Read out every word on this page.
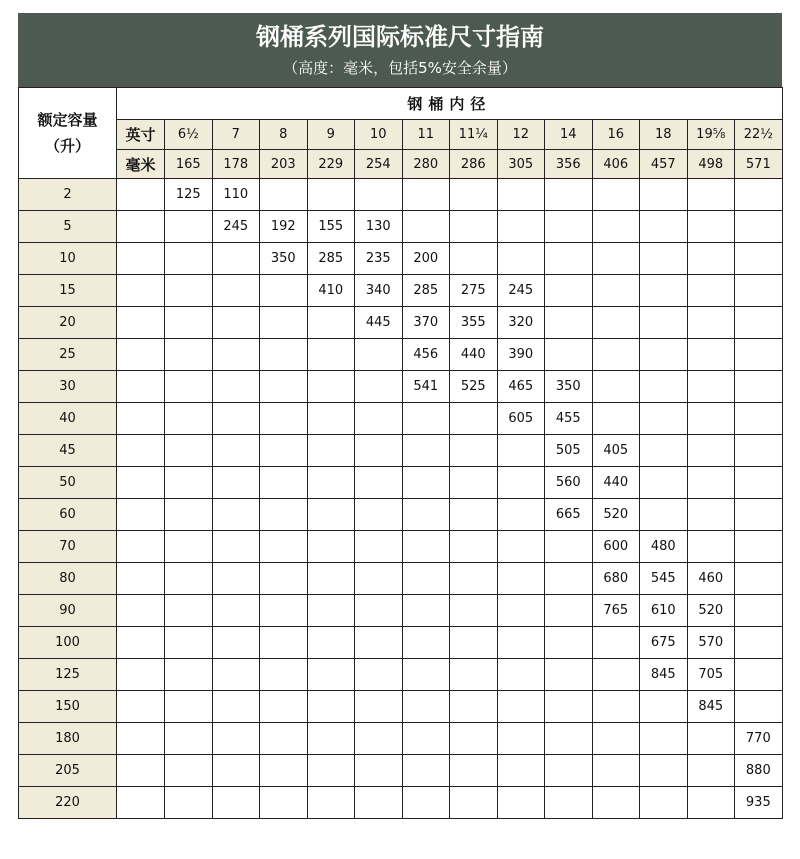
钢桶系列国际标准尺寸指南
（高度：毫米，包括5%安全余量）
额定容量
（升）	钢桶内径													
	英寸	6½	7	8	9	10	11	11¼	12	14	16	18	19⅝	22½
	毫米	165	178	203	229	254	280	286	305	356	406	457	498	571
2		125	110											
5			245	192	155	130								
10				350	285	235	200							
15					410	340	285	275	245					
20						445	370	355	320					
25							456	440	390					
30							541	525	465	350				
40									605	455				
45										505	405			
50										560	440			
60										665	520			
70											600	480		
80											680	545	460	
90											765	610	520	
100												675	570	
125												845	705	
150													845	
180														770
205														880
220														935
